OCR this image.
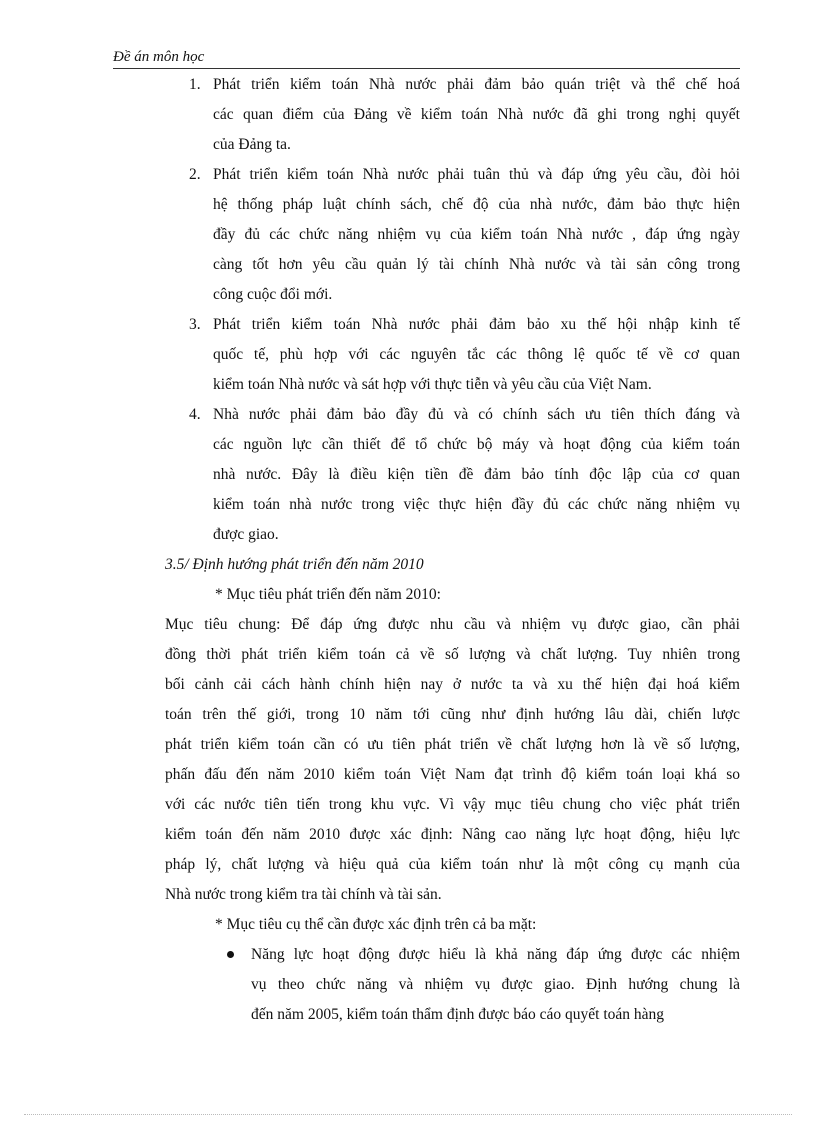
Đề án môn học
1. Phát triển kiểm toán Nhà nước phải đảm bảo quán triệt và thể chế hoá
các quan điểm của Đảng về kiểm toán Nhà nước đã ghi trong nghị quyết
của Đảng ta.
2. Phát triển kiểm toán Nhà nước phải tuân thủ và đáp ứng yêu cầu, đòi hỏi
hệ thống pháp luật chính sách, chế độ của nhà nước, đảm bảo thực hiện
đầy đủ các chức năng nhiệm vụ của kiểm toán Nhà nước , đáp ứng ngày
càng tốt hơn yêu cầu quản lý tài chính Nhà nước và tài sản công trong
công cuộc đổi mới.
3. Phát triển kiểm toán Nhà nước phải đảm bảo xu thế hội nhập kinh tế
quốc tế, phù hợp với các nguyên tắc các thông lệ quốc tế về cơ quan
kiểm toán Nhà nước và sát hợp với thực tiễn và yêu cầu của Việt Nam.
4. Nhà nước phải đảm bảo đầy đủ và có chính sách ưu tiên thích đáng và
các nguồn lực cần thiết để tổ chức bộ máy và hoạt động của kiểm toán
nhà nước. Đây là điều kiện tiền đề đảm bảo tính độc lập của cơ quan
kiểm toán nhà nước trong việc thực hiện đầy đủ các chức năng nhiệm vụ
được giao.
3.5/ Định hướng phát triển đến năm 2010
* Mục tiêu phát triển đến năm 2010:
Mục tiêu chung: Để đáp ứng được nhu cầu và nhiệm vụ được giao, cần phải
đồng thời phát triển kiểm toán cả về số lượng và chất lượng. Tuy nhiên trong
bối cảnh cải cách hành chính hiện nay ở nước ta và xu thế hiện đại hoá kiểm
toán trên thế giới, trong 10 năm tới cũng như định hướng lâu dài, chiến lược
phát triển kiểm toán cần có ưu tiên phát triển về chất lượng hơn là về số lượng,
phấn đấu đến năm 2010 kiểm toán Việt Nam đạt trình độ kiểm toán loại khá so
với các nước tiên tiến trong khu vực. Vì vậy mục tiêu chung cho việc phát triển
kiểm toán đến năm 2010 được xác định: Nâng cao năng lực hoạt động, hiệu lực
pháp lý, chất lượng và hiệu quả của kiểm toán như là một công cụ mạnh của
Nhà nước trong kiểm tra tài chính và tài sản.
* Mục tiêu cụ thể cần được xác định trên cả ba mặt:
Năng lực hoạt động được hiểu là khả năng đáp ứng được các nhiệm
vụ theo chức năng và nhiệm vụ được giao. Định hướng chung là
đến năm 2005, kiểm toán thẩm định được báo cáo quyết toán hàng
